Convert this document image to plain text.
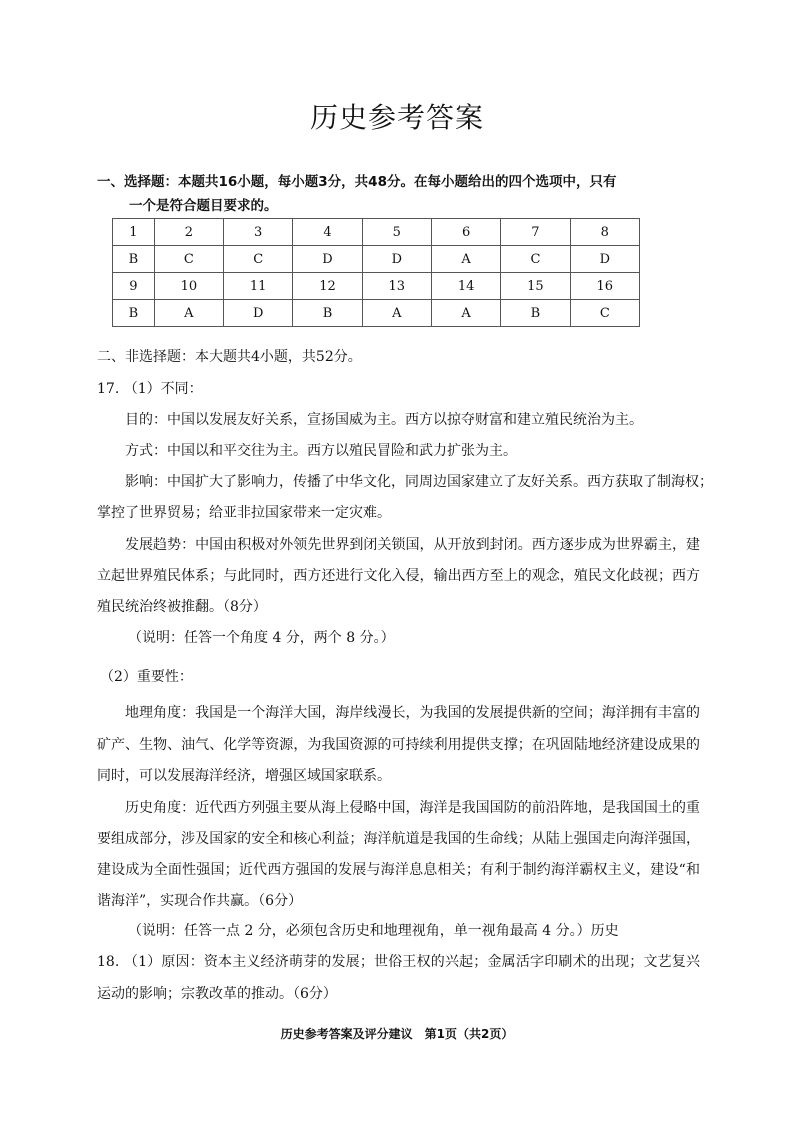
历史参考答案
一、选择题：本题共16小题，每小题3分，共48分。在每小题给出的四个选项中，只有
一个是符合题目要求的。
1	2	3	4	5	6	7	8
B	C	C	D	D	A	C	D
9	10	11	12	13	14	15	16
B	A	D	B	A	A	B	C
二、非选择题：本大题共4小题，共52分。
17. （1）不同：
目的：中国以发展友好关系，宣扬国威为主。西方以掠夺财富和建立殖民统治为主。
方式：中国以和平交往为主。西方以殖民冒险和武力扩张为主。
影响：中国扩大了影响力，传播了中华文化，同周边国家建立了友好关系。西方获取了制海权；
掌控了世界贸易；给亚非拉国家带来一定灾难。
发展趋势：中国由积极对外领先世界到闭关锁国，从开放到封闭。西方逐步成为世界霸主，建
立起世界殖民体系；与此同时，西方还进行文化入侵，输出西方至上的观念，殖民文化歧视；西方
殖民统治终被推翻。（8分）
（说明：任答一个角度 4 分，两个 8 分。）
（2）重要性：
地理角度：我国是一个海洋大国，海岸线漫长，为我国的发展提供新的空间；海洋拥有丰富的
矿产、生物、油气、化学等资源，为我国资源的可持续利用提供支撑；在巩固陆地经济建设成果的
同时，可以发展海洋经济，增强区域国家联系。
历史角度：近代西方列强主要从海上侵略中国，海洋是我国国防的前沿阵地，是我国国土的重
要组成部分，涉及国家的安全和核心利益；海洋航道是我国的生命线；从陆上强国走向海洋强国，
建设成为全面性强国；近代西方强国的发展与海洋息息相关；有利于制约海洋霸权主义，建设“和
谐海洋”，实现合作共赢。（6分）
（说明：任答一点 2 分，必须包含历史和地理视角，单一视角最高 4 分。）历史
18. （1）原因：资本主义经济萌芽的发展；世俗王权的兴起；金属活字印刷术的出现；文艺复兴
运动的影响；宗教改革的推动。（6分）
历史参考答案及评分建议　第1页（共2页）
